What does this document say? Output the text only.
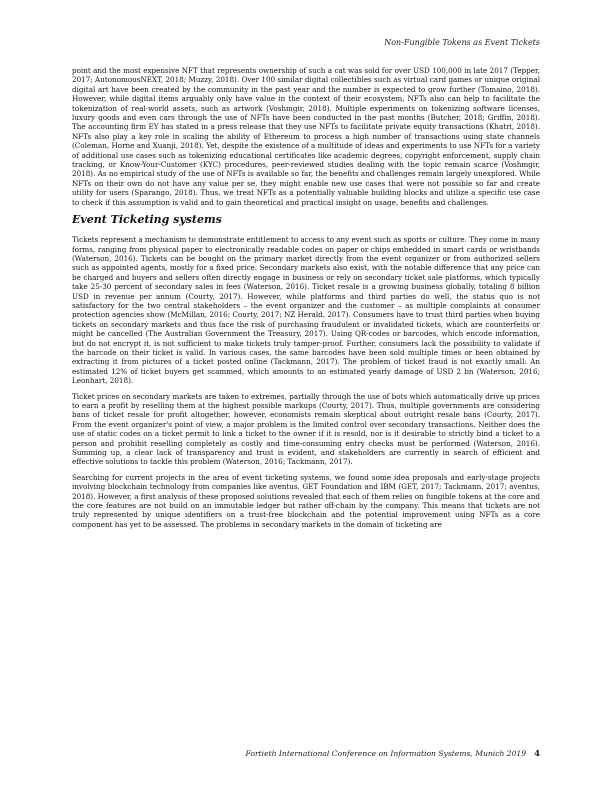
Non-Fungible Tokens as Event Tickets

point and the most expensive NFT that represents ownership of such a cat was sold for over USD 100,000 in late 2017 (Tepper, 2017; AutonomousNEXT, 2018; Muzzy, 2018). Over 100 similar digital collectibles such as virtual card games or unique original digital art have been created by the community in the past year and the number is expected to grow further (Tomaino, 2018). However, while digital items arguably only have value in the context of their ecosystem, NFTs also can help to facilitate the tokenization of real-world assets, such as artwork (Voshmgir, 2018). Multiple experiments on tokenizing software licenses, luxury goods and even cars through the use of NFTs have been conducted in the past months (Butcher, 2018; Griffin, 2018). The accounting firm EY has stated in a press release that they use NFTs to facilitate private equity transactions (Khatri, 2018). NFTs also play a key role in scaling the ability of Ethereum to process a high number of transactions using state channels (Coleman, Horne and Xuanji, 2018). Yet, despite the existence of a multitude of ideas and experiments to use NFTs for a variety of additional use cases such as tokenizing educational certificates like academic degrees, copyright enforcement, supply chain tracking, or Know-Your-Customer (KYC) procedures, peer-reviewed studies dealing with the topic remain scarce (Voshmgir, 2018). As no empirical study of the use of NFTs is available so far, the benefits and challenges remain largely unexplored. While NFTs on their own do not have any value per se, they might enable new use cases that were not possible so far and create utility for users (Sparango, 2018). Thus, we treat NFTs as a potentially valuable building blocks and utilize a specific use case to check if this assumption is valid and to gain theoretical and practical insight on usage, benefits and challenges.

Event Ticketing systems

Tickets represent a mechanism to demonstrate entitlement to access to any event such as sports or culture. They come in many forms, ranging from physical paper to electronically readable codes on paper or chips embedded in smart cards or wristbands (Waterson, 2016). Tickets can be bought on the primary market directly from the event organizer or from authorized sellers such as appointed agents, mostly for a fixed price. Secondary markets also exist, with the notable difference that any price can be charged and buyers and sellers often directly engage in business or rely on secondary ticket sale platforms, which typically take 25-30 percent of secondary sales in fees (Waterson, 2016). Ticket resale is a growing business globally, totaling 8 billion USD in revenue per annum (Courty, 2017). However, while platforms and third parties do well, the status quo is not satisfactory for the two central stakeholders – the event organizer and the customer – as multiple complaints at consumer protection agencies show (McMillan, 2016; Courty, 2017; NZ Herald, 2017). Consumers have to trust third parties when buying tickets on secondary markets and thus face the risk of purchasing fraudulent or invalidated tickets, which are counterfeits or might be cancelled (The Australian Government the Treasury, 2017). Using QR-codes or barcodes, which encode information, but do not encrypt it, is not sufficient to make tickets truly tamper-proof. Further, consumers lack the possibility to validate if the barcode on their ticket is valid. In various cases, the same barcodes have been sold multiple times or been obtained by extracting it from pictures of a ticket posted online (Tackmann, 2017). The problem of ticket fraud is not exactly small: An estimated 12% of ticket buyers get scammed, which amounts to an estimated yearly damage of USD 2 bn (Waterson, 2016; Leonhart, 2018).

Ticket prices on secondary markets are taken to extremes, partially through the use of bots which automatically drive up prices to earn a profit by reselling them at the highest possible markups (Courty, 2017). Thus, multiple governments are considering bans of ticket resale for profit altogether, however, economists remain skeptical about outright resale bans (Courty, 2017). From the event organizer's point of view, a major problem is the limited control over secondary transactions. Neither does the use of static codes on a ticket permit to link a ticket to the owner if it is resold, nor is it desirable to strictly bind a ticket to a person and prohibit reselling completely as costly and time-consuming entry checks must be performed (Waterson, 2016). Summing up, a clear lack of transparency and trust is evident, and stakeholders are currently in search of efficient and effective solutions to tackle this problem (Waterson, 2016; Tackmann, 2017).

Searching for current projects in the area of event ticketing systems, we found some idea proposals and early-stage projects involving blockchain technology from companies like aventus, GET Foundation and IBM (GET, 2017; Tackmann, 2017; aventus, 2018). However, a first analysis of these proposed solutions revealed that each of them relies on fungible tokens at the core and the core features are not build on an immutable ledger but rather off-chain by the company. This means that tickets are not truly represented by unique identifiers on a trust-free blockchain and the potential improvement using NFTs as a core component has yet to be assessed. The problems in secondary markets in the domain of ticketing are

Fortieth International Conference on Information Systems, Munich 2019 4
